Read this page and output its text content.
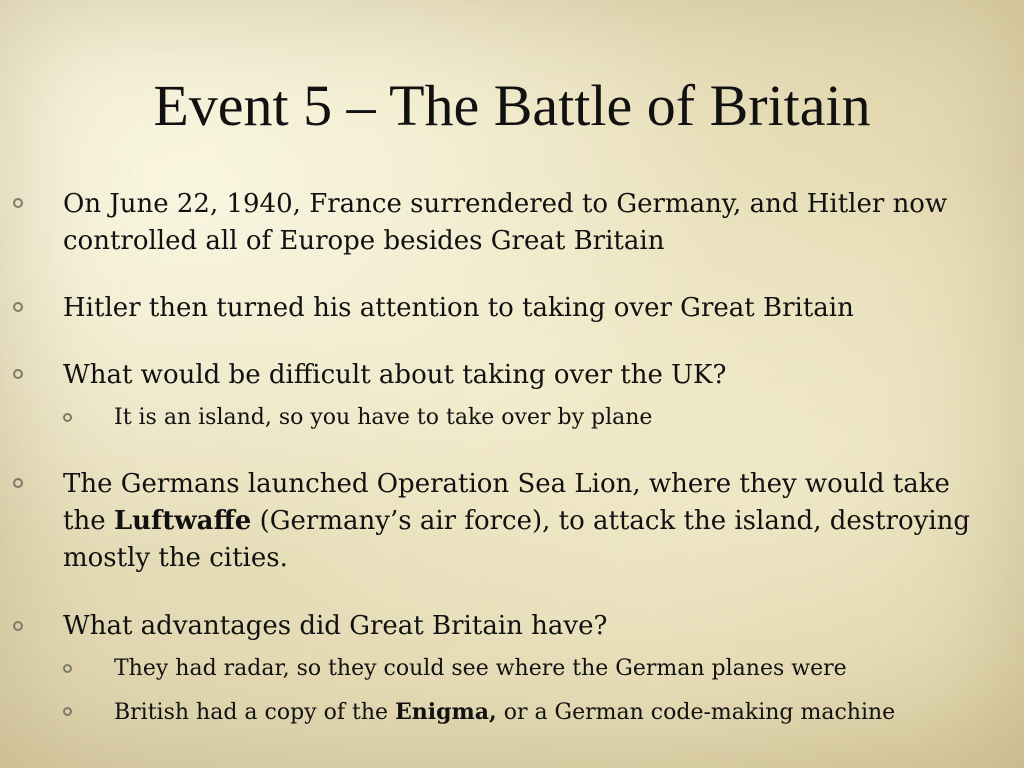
Event 5 – The Battle of Britain
On June 22, 1940, France surrendered to Germany, and Hitler now controlled all of Europe besides Great Britain
Hitler then turned his attention to taking over Great Britain
What would be difficult about taking over the UK?
It is an island, so you have to take over by plane
The Germans launched Operation Sea Lion, where they would take the Luftwaffe (Germany’s air force), to attack the island, destroying mostly the cities.
What advantages did Great Britain have?
They had radar, so they could see where the German planes were
British had a copy of the Enigma, or a German code-making machine
